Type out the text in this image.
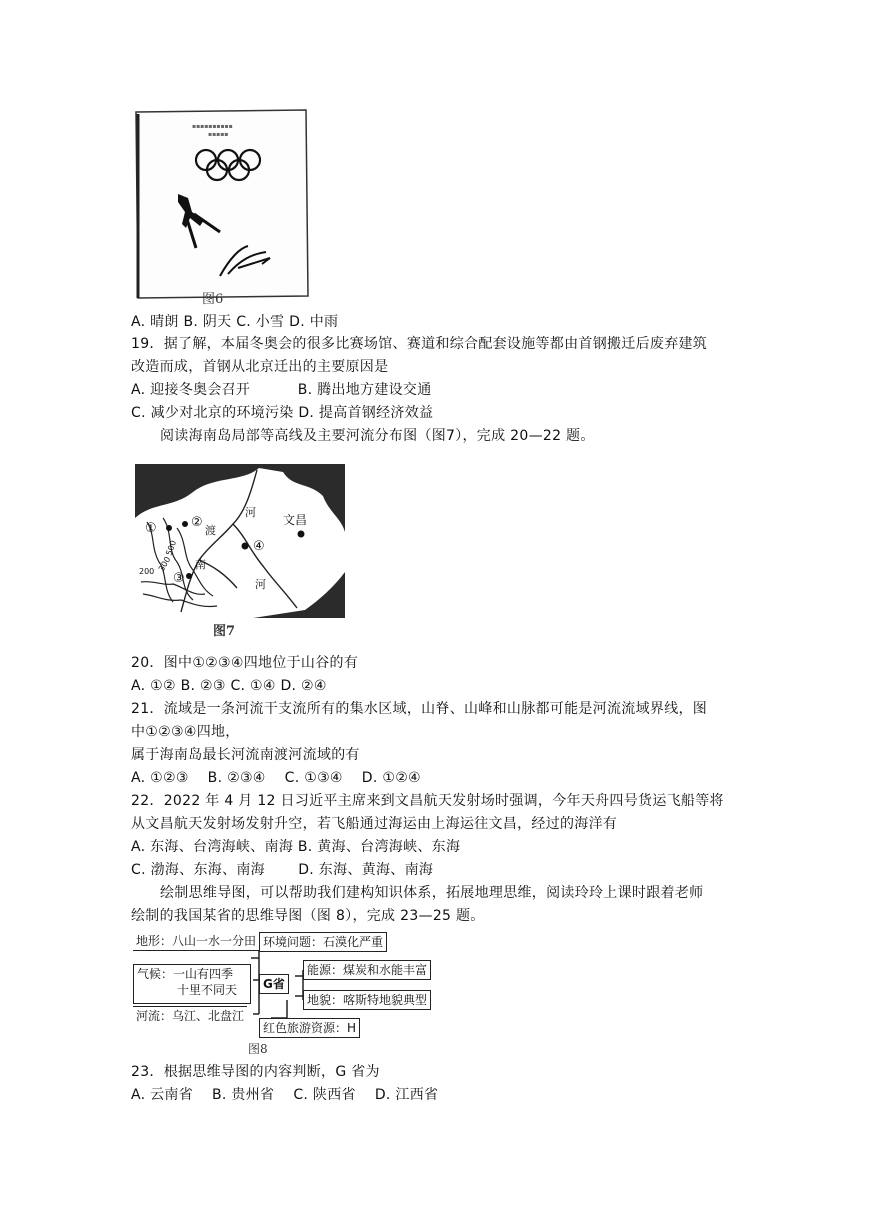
▪▪▪▪▪▪▪▪▪▪
▪▪▪▪▪
图6
A. 晴朗 B. 阴天 C. 小雪 D. 中雨
19．据了解，本届冬奥会的很多比赛场馆、赛道和综合配套设施等都由首钢搬迁后废弃建筑
改造而成，首钢从北京迁出的主要原因是
A. 迎接冬奥会召开          B. 腾出地方建设交通
C. 减少对北京的环境污染 D. 提高首钢经济效益
阅读海南岛局部等高线及主要河流分布图（图7），完成 20—22 题。
河
文昌
渡
南
河
①	②
③
④
500
200 300
图7
20．图中①②③④四地位于山谷的有
A. ①② B. ②③ C. ①④ D. ②④
21．流域是一条河流干支流所有的集水区域，山脊、山峰和山脉都可能是河流流域界线，图
中①②③④四地，
属于海南岛最长河流南渡河流域的有
A. ①②③    B. ②③④    C. ①③④    D. ①②④
22．2022 年 4 月 12 日习近平主席来到文昌航天发射场时强调，今年天舟四号货运飞船等将
从文昌航天发射场发射升空，若飞船通过海运由上海运往文昌，经过的海洋有
A. 东海、台湾海峡、南海 B. 黄海、台湾海峡、东海
C. 渤海、东海、南海       D. 东海、黄海、南海
绘制思维导图，可以帮助我们建构知识体系，拓展地理思维，阅读玲玲上课时跟着老师
绘制的我国某省的思维导图（图 8），完成 23—25 题。
地形：八山一水一分田 环境问题：石漠化严重
气候：一山有四季
十里不同天	G省
能源：煤炭和水能丰富
地貌：喀斯特地貌典型
河流：乌江、北盘江
红色旅游资源：H
图8
23．根据思维导图的内容判断，G 省为
A. 云南省    B. 贵州省    C. 陕西省    D. 江西省
